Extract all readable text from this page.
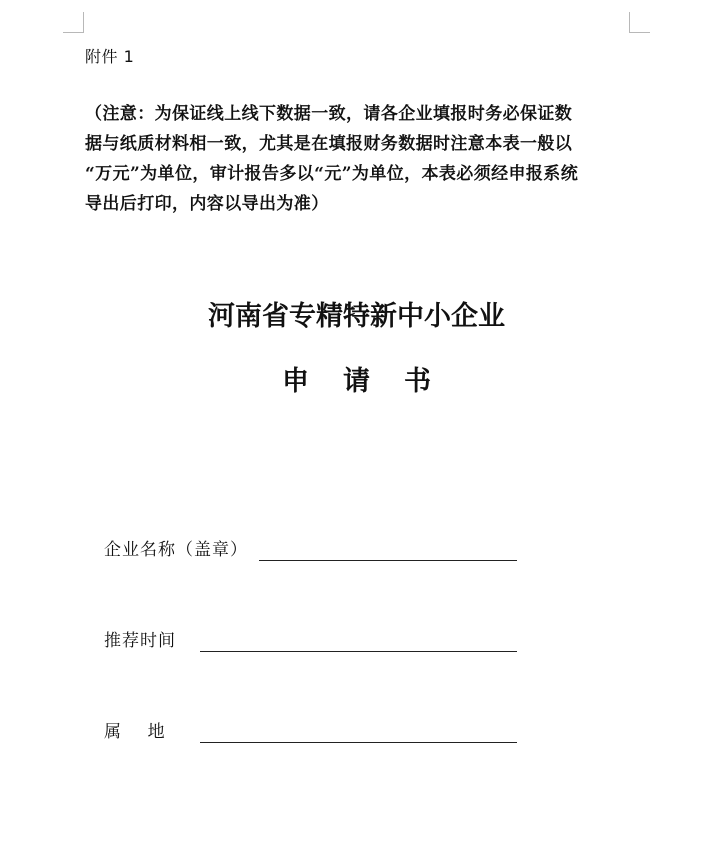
附件 1
（注意：为保证线上线下数据一致，请各企业填报时务必保证数
据与纸质材料相一致，尤其是在填报财务数据时注意本表一般以
“万元”为单位，审计报告多以“元”为单位，本表必须经申报系统
导出后打印，内容以导出为准）
河南省专精特新中小企业
申请书
企业名称（盖章）
推荐时间
属    地
